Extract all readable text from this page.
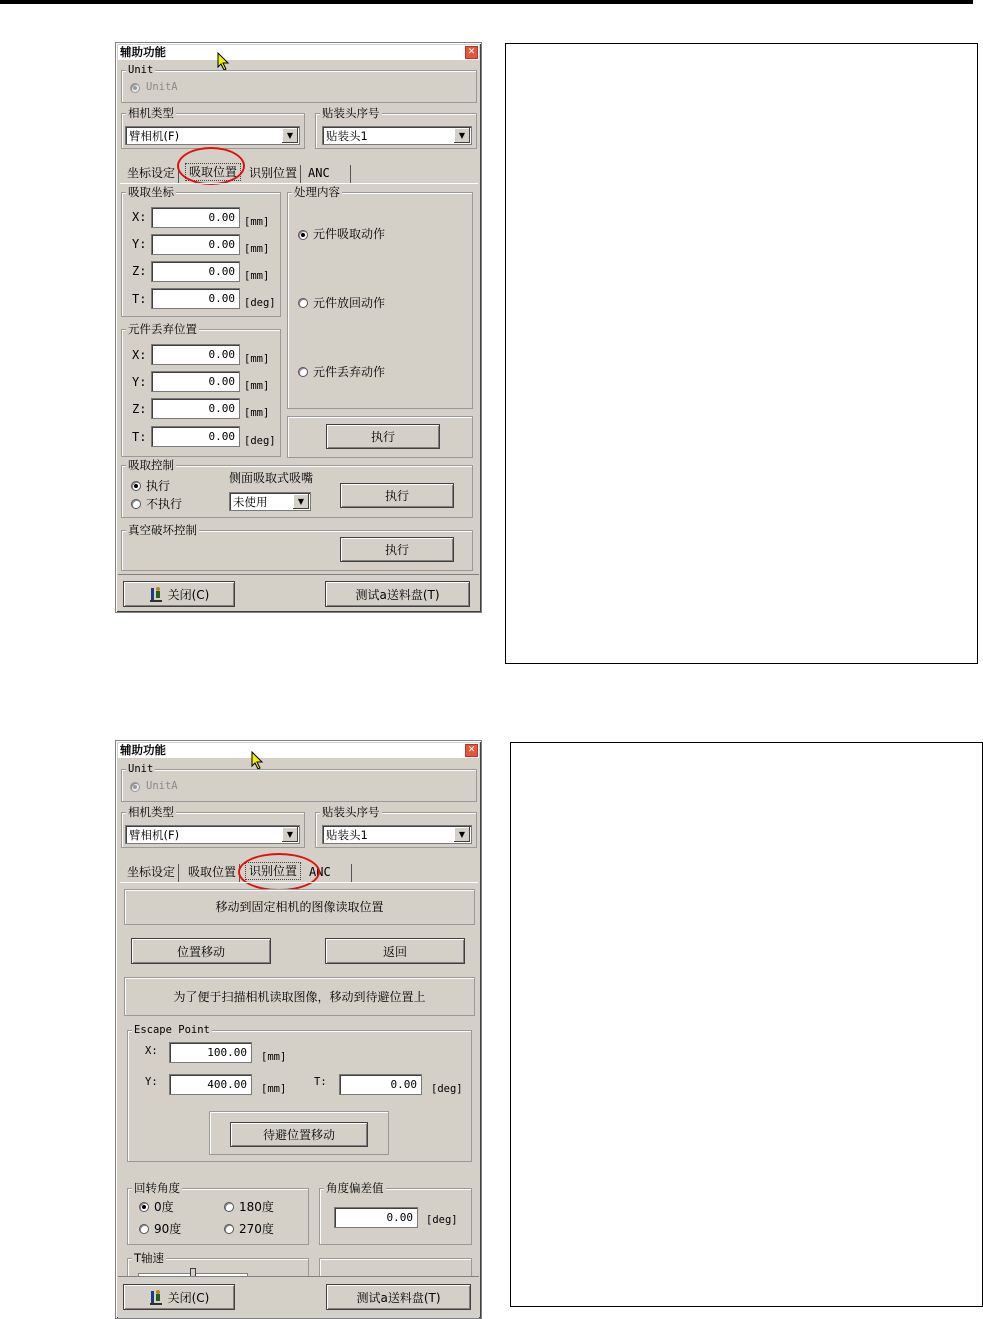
辅助功能	✕
Unit
UnitA
相机类型
臂相机(F)	▼
贴装头序号
贴装头1	▼
坐标设定	吸取位置 识别位置 ANC
吸取坐标
元件丢弃位置
X:	0.00 [mm]
Y:	0.00 [mm]
Z:	0.00 [mm]
T:	0.00 [deg]
X:	0.00 [mm]
Y:	0.00 [mm]
Z:	0.00 [mm]
T:	0.00 [deg]
处理内容
元件吸取动作
元件放回动作
元件丢弃动作
执行
吸取控制
执行
不执行
侧面吸取式吸嘴
未使用	▼	执行
真空破坏控制
执行
关闭(C)	测试a送料盘(T)
辅助功能	✕
Unit
UnitA
相机类型
臂相机(F)	▼
贴装头序号
贴装头1	▼
坐标设定	吸取位置	识别位置 ANC
移动到固定相机的图像读取位置
位置移动	返回
为了便于扫描相机读取图像，移动到待避位置上
Escape Point
X:	100.00 [mm]
Y:	400.00 [mm]
T:	0.00 [deg]
待避位置移动
回转角度
0度	180度
90度	270度
角度偏差值
0.00 [deg]
T轴速
关闭(C)	测试a送料盘(T)
